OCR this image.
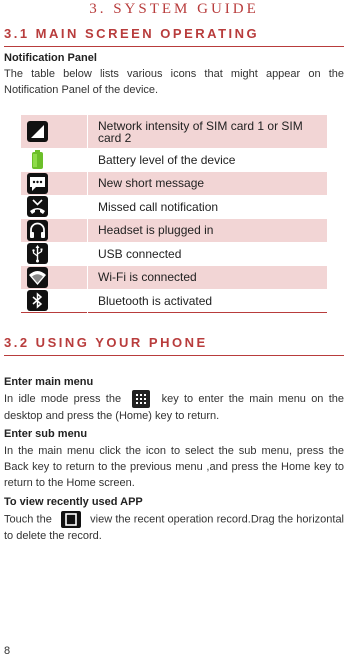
3. SYSTEM GUIDE
3.1 MAIN SCREEN OPERATING
Notification Panel
The table below lists various icons that might appear on the Notification Panel of the device.
	Network intensity of SIM card 1 or SIM card 2

	Battery level of the device

	New short message

	Missed call notification

	Headset is plugged in

	USB connected

	Wi-Fi is connected

	Bluetooth is activated
3.2 USING YOUR PHONE
Enter main menu
In idle mode press the	key to enter the main menu on the desktop and press the (Home) key to return.
Enter sub menu
In the main menu click the icon to select the sub menu, press the Back key to return to the previous menu ,and press the Home key to return to the Home screen.
To view recently used APP
Touch the	view the recent operation record.Drag the horizontal to delete the record.
8
